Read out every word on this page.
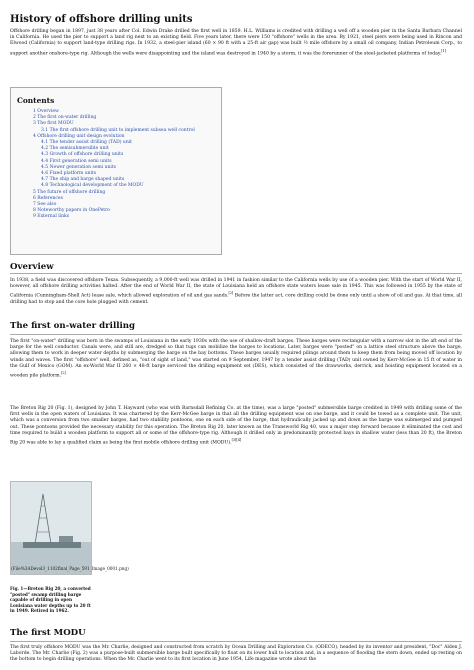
History of offshore drilling units

Offshore drilling began in 1897, just 38 years after Col. Edwin Drake drilled the first well in 1859. H.L. Williams is credited with drilling a well off a wooden pier in the Santa Barbara Channel in California. He used the pier to support a land rig next to an existing field. Five years later, there were 150 "offshore" wells in the area. By 1921, steel piers were being used in Rincon and Elwood (California) to support land-type drilling rigs. In 1932, a steel-pier island (60 × 90 ft with a 25-ft air gap) was built ½ mile offshore by a small oil company, Indian Petroleum Corp., to support another onshore-type rig. Although the wells were disappointing and the island was destroyed in 1940 by a storm, it was the forerunner of the steel-jacketed platforms of today.[1]

Contents
1 Overview
2 The first on-water drilling
3 The first MODU
3.1 The first offshore drilling unit to implement subsea well control
4 Offshore drilling unit design evolution
4.1 The tender assist drilling (TAD) unit
4.2 The semisubmersible unit
4.3 Growth of offshore drilling units
4.4 First generation semi units
4.5 Newer generation semi units
4.6 Fixed platform units
4.7 The ship and barge shaped units
4.8 Technological development of the MODU
5 The future of offshore drilling
6 References
7 See also
8 Noteworthy papers in OnePetro
9 External links
Overview

In 1938, a field was discovered offshore Texas. Subsequently, a 9,000-ft well was drilled in 1941 in fashion similar to the California wells by use of a wooden pier. With the start of World War II, however, all offshore drilling activities halted. After the end of World War II, the state of Louisiana held an offshore state waters lease sale in 1945. This was followed in 1955 by the state of California (Cunningham-Shell Act) lease sale, which allowed exploration of oil and gas sands.[2] Before the latter act, core drilling could be done only until a show of oil and gas. At that time, all drilling had to stop and the core hole plugged with cement.

The first on-water drilling

The first "on-water" drilling was born in the swamps of Louisiana in the early 1930s with the use of shallow-draft barges. These barges were rectangular with a narrow slot in the aft end of the barge for the well conductor. Canals were, and still are, dredged so that tugs can mobilize the barges to locations. Later, barges were "posted" on a lattice steel structure above the barge, allowing them to work in deeper water depths by submerging the barge on the bay bottoms. These barges usually required pilings around them to keep them from being moved off location by winds and waves. The first "offshore" well, defined as, "out of sight of land," was started on 9 September, 1947 by a tender assist drilling (TAD) unit owned by Kerr-McGee in 15 ft of water in the Gulf of Mexico (GOM). An ex-World War II 260 × 48-ft barge serviced the drilling equipment set (DES), which consisted of the drawworks, derrick, and hoisting equipment located on a wooden pile platform.[2]

The Breton Rig 20 (Fig. 1), designed by John T. Hayward (who was with Barnsdall Refining Co. at the time), was a large "posted" submersible barge credited in 1949 with drilling some of the first wells in the open waters of Louisiana. It was chartered by the Kerr-McGee barge in that all the drilling equipment was on one barge, and it could be towed as a complete unit. The unit, which was a conversion from two smaller barges, had two stability pontoons, one on each side of the barge, that hydraulically jacked up and down as the barge was submerged and pumped out. These pontoons provided the necessary stability for this operation. The Breton Rig 20, later known as the Transworld Rig 40, was a major step forward because it eliminated the cost and time required to build a wooden platform to support all or some of the offshore-type rig. Although it drilled only in predominantly protected bays in shallow water (less than 20 ft), the Breton Rig 20 was able to lay a qualified claim as being the first mobile offshore drilling unit (MODU).[3][4]

(File%3ADevol3_1102final_Page_591_Image_0001.png)
Fig. 1—Breton Rig 20, a converted "posted" swamp drilling barge capable of drilling in open Louisiana water depths up to 20 ft in 1949. Retired in 1962.
The first MODU

The first truly offshore MODU was the Mr. Charlie, designed and constructed from scratch by Ocean Drilling and Exploration Co. (ODECO), headed by its inventor and president, "Doc" Alden J. Laborde. The Mr. Charlie (Fig. 2) was a purpose-built submersible barge built specifically to float on its lower hull to location and, in a sequence of flooding the stern down, ended up resting on the bottom to begin drilling operations. When the Mr. Charlie went to its first location in June 1954, Life magazine wrote about the
